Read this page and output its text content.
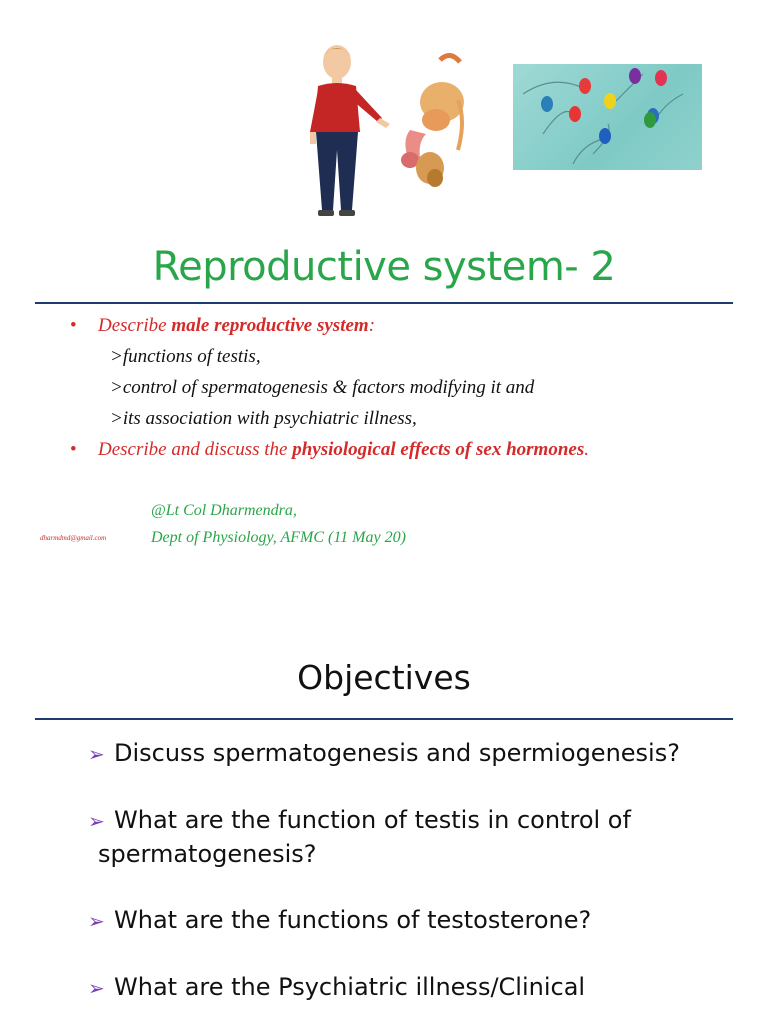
Reproductive system- 2
• Describe male reproductive system:
>functions of testis,
>control of spermatogenesis & factors modifying it and
>its association with psychiatric illness,
• Describe and discuss the physiological effects of sex hormones.
@Lt Col Dharmendra,
Dept of Physiology, AFMC (11 May 20)
dharmdmd@gmail.com
Objectives
➢ Discuss spermatogenesis and spermiogenesis?
➢ What are the function of testis in control of
spermatogenesis?
➢ What are the functions of testosterone?
➢ What are the Psychiatric illness/Clinical
